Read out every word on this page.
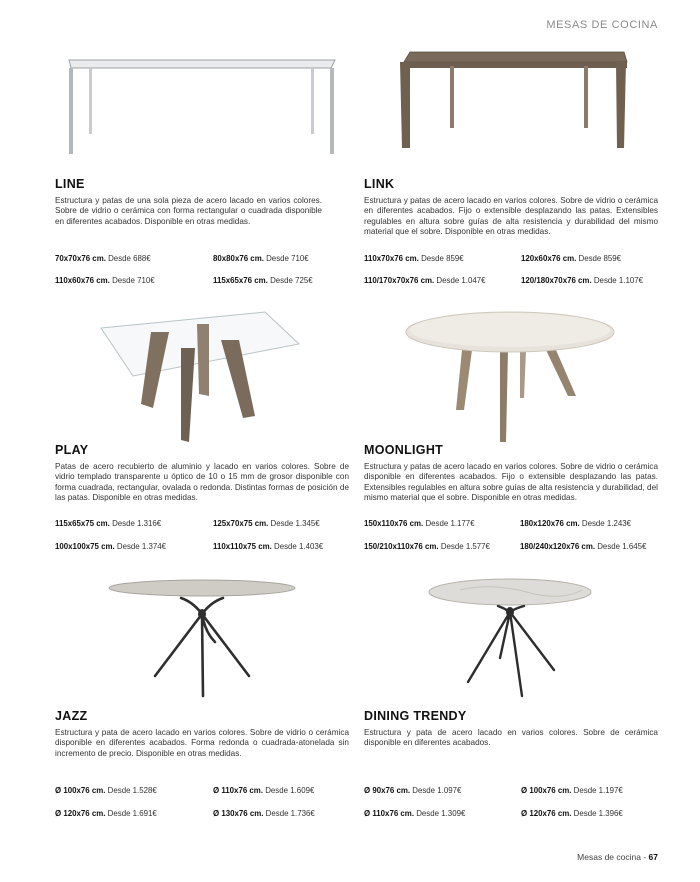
MESAS DE COCINA
LINE
Estructura y patas de una sola pieza de acero lacado en varios colores. Sobre de vidrio o cerámica con forma rectangular o cuadrada disponible en diferentes acabados. Disponible en otras medidas.
70x70x76 cm. Desde 688€	80x80x76 cm. Desde 710€
110x60x76 cm. Desde 710€	115x65x76 cm. Desde 725€
LINK
Estructura y patas de acero lacado en varios colores. Sobre de vidrio o cerámica en diferentes acabados. Fijo o extensible desplazando las patas. Extensibles regulables en altura sobre guías de alta resistencia y durabilidad del mismo material que el sobre. Disponible en otras medidas.
110x70x76 cm. Desde 859€	120x60x76 cm. Desde 859€
110/170x70x76 cm. Desde 1.047€	120/180x70x76 cm. Desde 1.107€
PLAY
Patas de acero recubierto de aluminio y lacado en varios colores. Sobre de vidrio templado transparente u óptico de 10 o 15 mm de grosor disponible con forma cuadrada, rectangular, ovalada o redonda. Distintas formas de posición de las patas. Disponible en otras medidas.
115x65x75 cm. Desde 1.316€	125x70x75 cm. Desde 1.345€
100x100x75 cm. Desde 1.374€	110x110x75 cm. Desde 1.403€
MOONLIGHT
Estructura y patas de acero lacado en varios colores. Sobre de vidrio o cerámica disponible en diferentes acabados. Fijo o extensible desplazando las patas. Extensibles regulables en altura sobre guías de alta resistencia y durabilidad, del mismo material que el sobre. Disponible en otras medidas.
150x110x76 cm. Desde 1.177€	180x120x76 cm. Desde 1.243€
150/210x110x76 cm. Desde 1.577€	180/240x120x76 cm. Desde 1.645€
JAZZ
Estructura y pata de acero lacado en varios colores. Sobre de vidrio o cerámica disponible en diferentes acabados. Forma redonda o cuadrada-atonelada sin incremento de precio. Disponible en otras medidas.
Ø 100x76 cm. Desde 1.528€	Ø 110x76 cm. Desde 1.609€
Ø 120x76 cm. Desde 1.691€	Ø 130x76 cm. Desde 1.736€
DINING TRENDY
Estructura y pata de acero lacado en varios colores. Sobre de cerámica disponible en diferentes acabados.
Ø 90x76 cm. Desde 1.097€	Ø 100x76 cm. Desde 1.197€
Ø 110x76 cm. Desde 1.309€	Ø 120x76 cm. Desde 1.396€
Mesas de cocina - 67
